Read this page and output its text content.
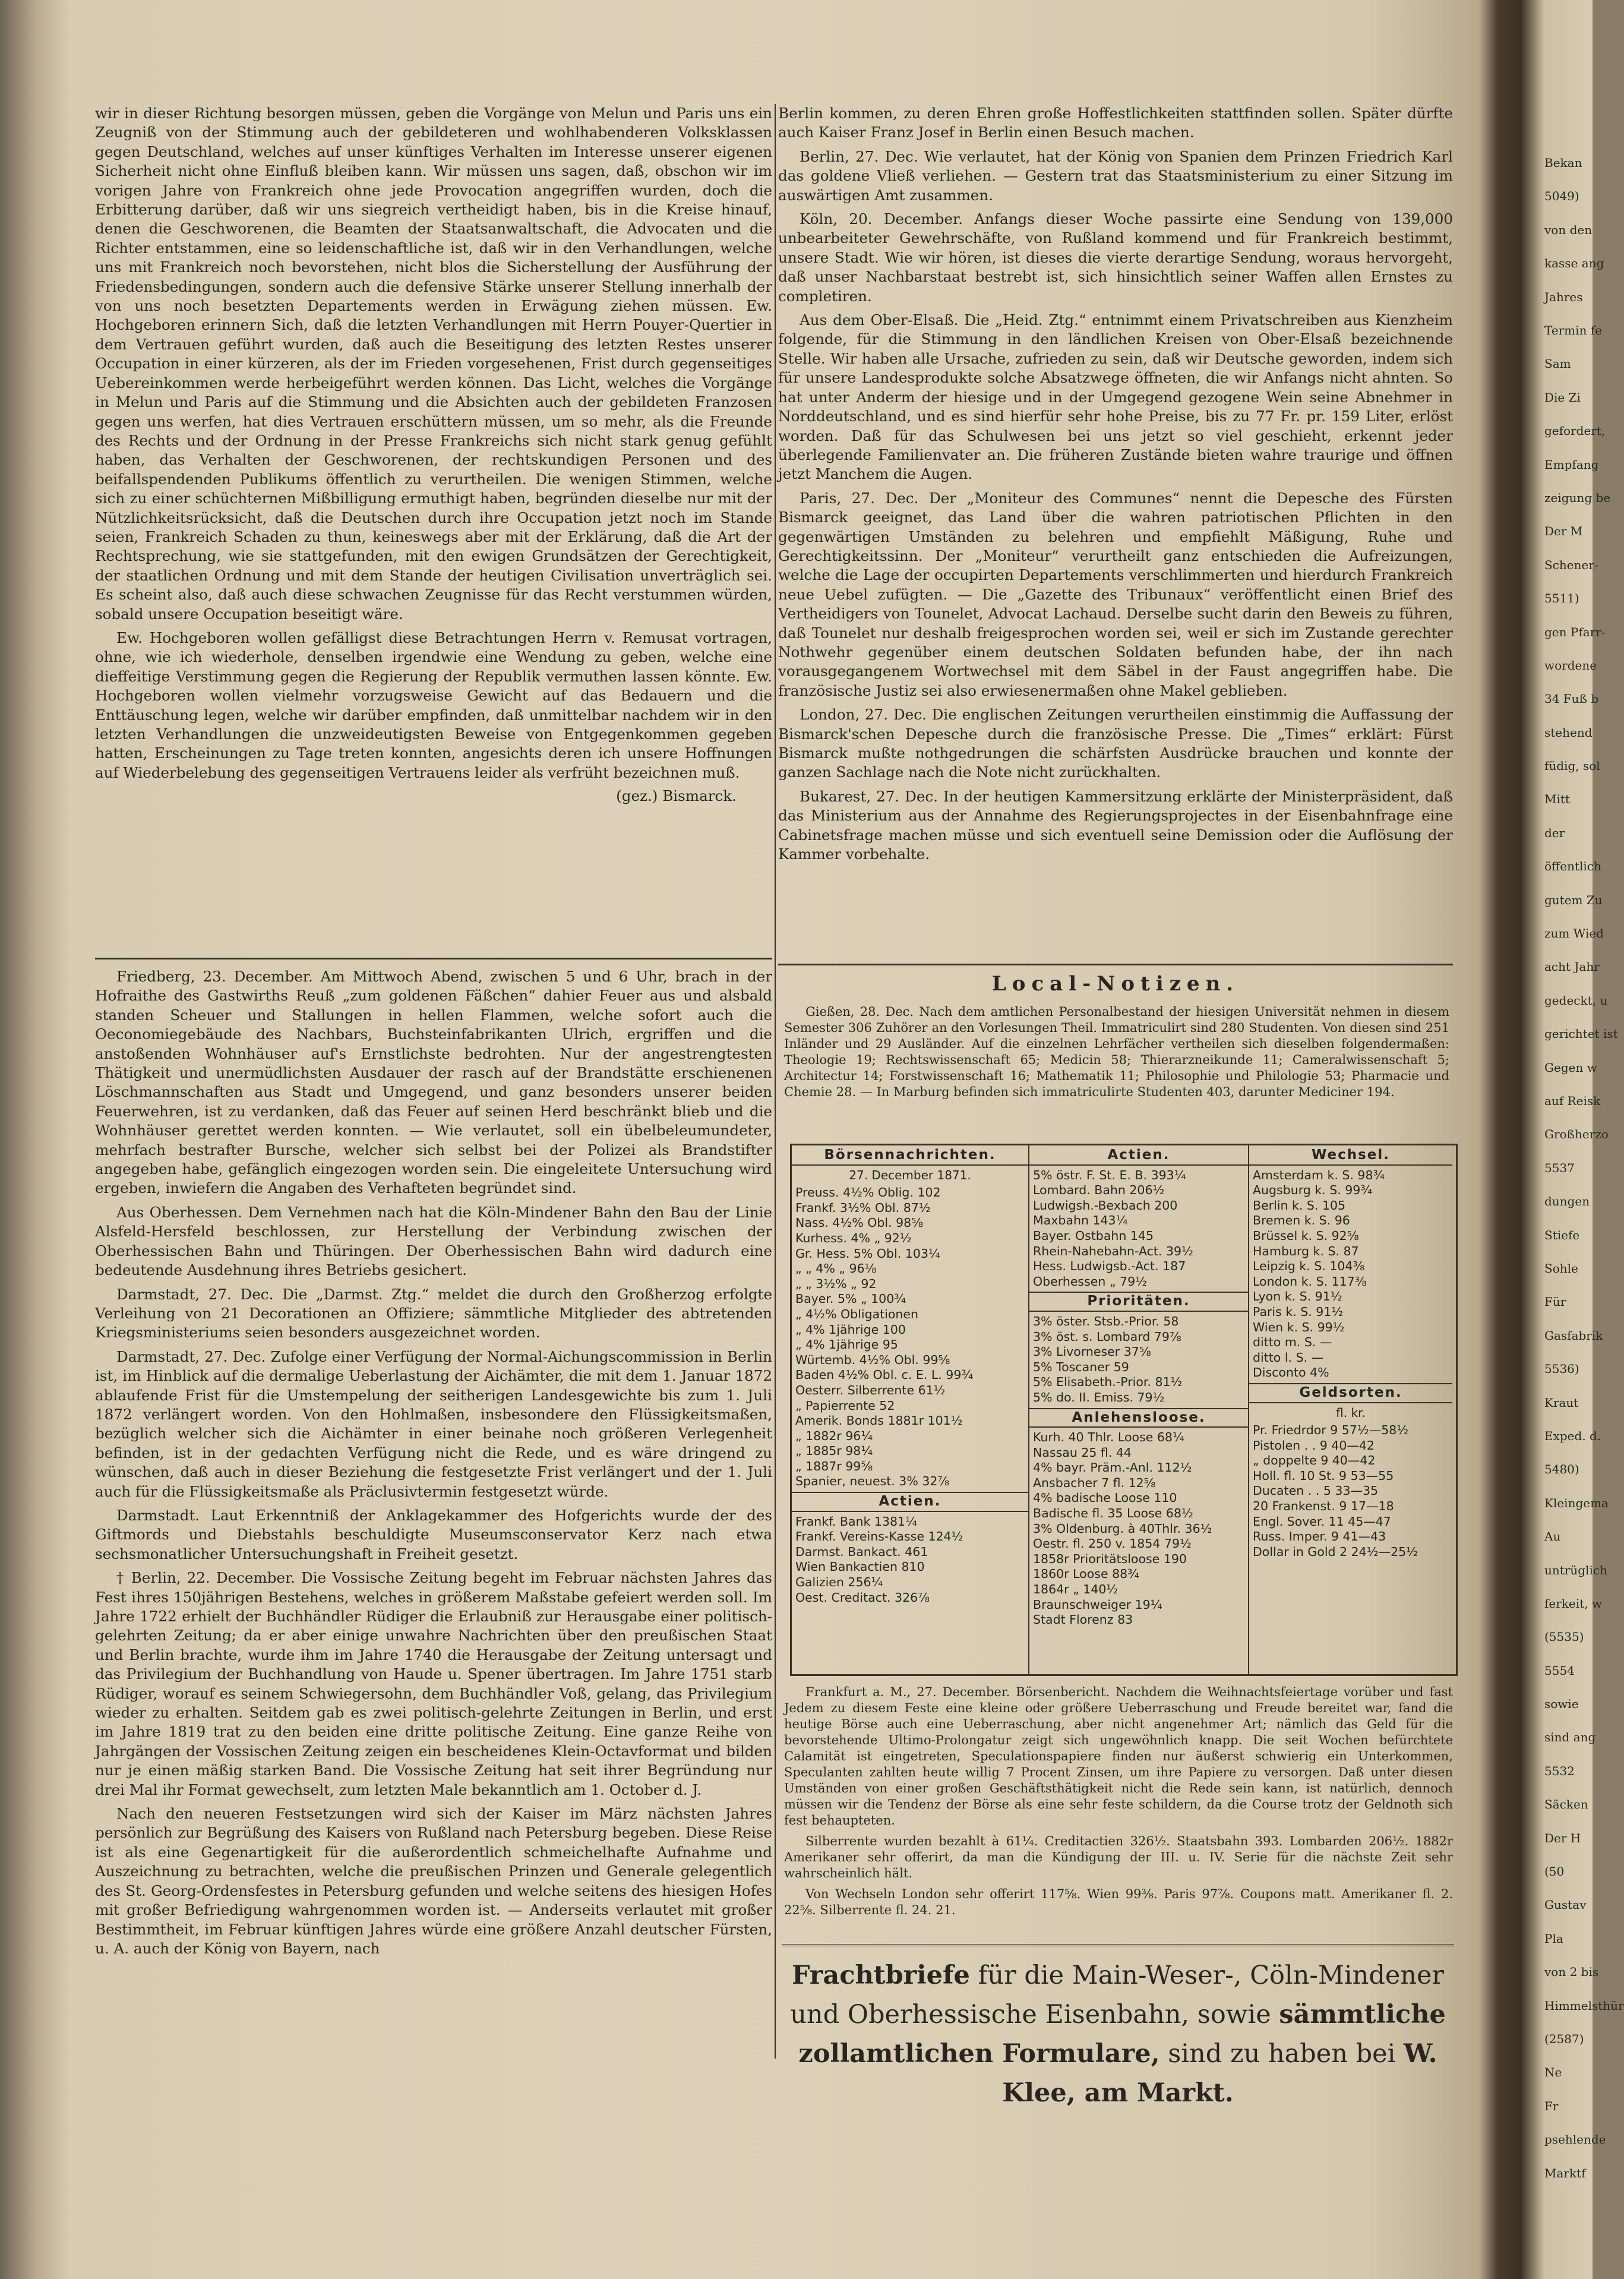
wir in dieser Richtung besorgen müssen, geben die Vorgänge von Melun und Paris uns ein Zeugniß von der Stimmung auch der gebildeteren und wohlhabenderen Volksklassen gegen Deutschland, welches auf unser künftiges Verhalten im Interesse unserer eigenen Sicherheit nicht ohne Einfluß bleiben kann. Wir müssen uns sagen, daß, obschon wir im vorigen Jahre von Frankreich ohne jede Provocation angegriffen wurden, doch die Erbitterung darüber, daß wir uns siegreich vertheidigt haben, bis in die Kreise hinauf, denen die Geschworenen, die Beamten der Staatsanwaltschaft, die Advocaten und die Richter entstammen, eine so leidenschaftliche ist, daß wir in den Verhandlungen, welche uns mit Frankreich noch bevorstehen, nicht blos die Sicherstellung der Ausführung der Friedensbedingungen, sondern auch die defensive Stärke unserer Stellung innerhalb der von uns noch besetzten Departements werden in Erwägung ziehen müssen. Ew. Hochgeboren erinnern Sich, daß die letzten Verhandlungen mit Herrn Pouyer-Quertier in dem Vertrauen geführt wurden, daß auch die Beseitigung des letzten Restes unserer Occupation in einer kürzeren, als der im Frieden vorgesehenen, Frist durch gegenseitiges Uebereinkommen werde herbeigeführt werden können. Das Licht, welches die Vorgänge in Melun und Paris auf die Stimmung und die Absichten auch der gebildeten Franzosen gegen uns werfen, hat dies Vertrauen erschüttern müssen, um so mehr, als die Freunde des Rechts und der Ordnung in der Presse Frankreichs sich nicht stark genug gefühlt haben, das Verhalten der Geschworenen, der rechtskundigen Personen und des beifallspendenden Publikums öffentlich zu verurtheilen. Die wenigen Stimmen, welche sich zu einer schüchternen Mißbilligung ermuthigt haben, begründen dieselbe nur mit der Nützlichkeitsrücksicht, daß die Deutschen durch ihre Occupation jetzt noch im Stande seien, Frankreich Schaden zu thun, keineswegs aber mit der Erklärung, daß die Art der Rechtsprechung, wie sie stattgefunden, mit den ewigen Grundsätzen der Gerechtigkeit, der staatlichen Ordnung und mit dem Stande der heutigen Civilisation unverträglich sei. Es scheint also, daß auch diese schwachen Zeugnisse für das Recht verstummen würden, sobald unsere Occupation beseitigt wäre.

Ew. Hochgeboren wollen gefälligst diese Betrachtungen Herrn v. Remusat vortragen, ohne, wie ich wiederhole, denselben irgendwie eine Wendung zu geben, welche eine dieffeitige Verstimmung gegen die Regierung der Republik vermuthen lassen könnte. Ew. Hochgeboren wollen vielmehr vorzugsweise Gewicht auf das Bedauern und die Enttäuschung legen, welche wir darüber empfinden, daß unmittelbar nachdem wir in den letzten Verhandlungen die unzweideutigsten Beweise von Entgegenkommen gegeben hatten, Erscheinungen zu Tage treten konnten, angesichts deren ich unsere Hoffnungen auf Wiederbelebung des gegenseitigen Vertrauens leider als verfrüht bezeichnen muß.

(gez.) Bismarck.

Friedberg, 23. December. Am Mittwoch Abend, zwischen 5 und 6 Uhr, brach in der Hofraithe des Gastwirths Reuß „zum goldenen Fäßchen“ dahier Feuer aus und alsbald standen Scheuer und Stallungen in hellen Flammen, welche sofort auch die Oeconomiegebäude des Nachbars, Buchsteinfabrikanten Ulrich, ergriffen und die anstoßenden Wohnhäuser auf's Ernstlichste bedrohten. Nur der angestrengtesten Thätigkeit und unermüdlichsten Ausdauer der rasch auf der Brandstätte erschienenen Löschmannschaften aus Stadt und Umgegend, und ganz besonders unserer beiden Feuerwehren, ist zu verdanken, daß das Feuer auf seinen Herd beschränkt blieb und die Wohnhäuser gerettet werden konnten. — Wie verlautet, soll ein übelbeleumundeter, mehrfach bestrafter Bursche, welcher sich selbst bei der Polizei als Brandstifter angegeben habe, gefänglich eingezogen worden sein. Die eingeleitete Untersuchung wird ergeben, inwiefern die Angaben des Verhafteten begründet sind.

Aus Oberhessen. Dem Vernehmen nach hat die Köln-Mindener Bahn den Bau der Linie Alsfeld-Hersfeld beschlossen, zur Herstellung der Verbindung zwischen der Oberhessischen Bahn und Thüringen. Der Oberhessischen Bahn wird dadurch eine bedeutende Ausdehnung ihres Betriebs gesichert.

Darmstadt, 27. Dec. Die „Darmst. Ztg.“ meldet die durch den Großherzog erfolgte Verleihung von 21 Decorationen an Offiziere; sämmtliche Mitglieder des abtretenden Kriegsministeriums seien besonders ausgezeichnet worden.

Darmstadt, 27. Dec. Zufolge einer Verfügung der Normal-Aichungscommission in Berlin ist, im Hinblick auf die dermalige Ueberlastung der Aichämter, die mit dem 1. Januar 1872 ablaufende Frist für die Umstempelung der seitherigen Landesgewichte bis zum 1. Juli 1872 verlängert worden. Von den Hohlmaßen, insbesondere den Flüssigkeitsmaßen, bezüglich welcher sich die Aichämter in einer beinahe noch größeren Verlegenheit befinden, ist in der gedachten Verfügung nicht die Rede, und es wäre dringend zu wünschen, daß auch in dieser Beziehung die festgesetzte Frist verlängert und der 1. Juli auch für die Flüssigkeitsmaße als Präclusivtermin festgesetzt würde.

Darmstadt. Laut Erkenntniß der Anklagekammer des Hofgerichts wurde der des Giftmords und Diebstahls beschuldigte Museumsconservator Kerz nach etwa sechsmonatlicher Untersuchungshaft in Freiheit gesetzt.

† Berlin, 22. December. Die Vossische Zeitung begeht im Februar nächsten Jahres das Fest ihres 150jährigen Bestehens, welches in größerem Maßstabe gefeiert werden soll. Im Jahre 1722 erhielt der Buchhändler Rüdiger die Erlaubniß zur Herausgabe einer politisch-gelehrten Zeitung; da er aber einige unwahre Nachrichten über den preußischen Staat und Berlin brachte, wurde ihm im Jahre 1740 die Herausgabe der Zeitung untersagt und das Privilegium der Buchhandlung von Haude u. Spener übertragen. Im Jahre 1751 starb Rüdiger, worauf es seinem Schwiegersohn, dem Buchhändler Voß, gelang, das Privilegium wieder zu erhalten. Seitdem gab es zwei politisch-gelehrte Zeitungen in Berlin, und erst im Jahre 1819 trat zu den beiden eine dritte politische Zeitung. Eine ganze Reihe von Jahrgängen der Vossischen Zeitung zeigen ein bescheidenes Klein-Octavformat und bilden nur je einen mäßig starken Band. Die Vossische Zeitung hat seit ihrer Begründung nur drei Mal ihr Format gewechselt, zum letzten Male bekanntlich am 1. October d. J.

Nach den neueren Festsetzungen wird sich der Kaiser im März nächsten Jahres persönlich zur Begrüßung des Kaisers von Rußland nach Petersburg begeben. Diese Reise ist als eine Gegenartigkeit für die außerordentlich schmeichelhafte Aufnahme und Auszeichnung zu betrachten, welche die preußischen Prinzen und Generale gelegentlich des St. Georg-Ordensfestes in Petersburg gefunden und welche seitens des hiesigen Hofes mit großer Befriedigung wahrgenommen worden ist. — Anderseits verlautet mit großer Bestimmtheit, im Februar künftigen Jahres würde eine größere Anzahl deutscher Fürsten, u. A. auch der König von Bayern, nach

Berlin kommen, zu deren Ehren große Hoffestlichkeiten stattfinden sollen. Später dürfte auch Kaiser Franz Josef in Berlin einen Besuch machen.

Berlin, 27. Dec. Wie verlautet, hat der König von Spanien dem Prinzen Friedrich Karl das goldene Vließ verliehen. — Gestern trat das Staatsministerium zu einer Sitzung im auswärtigen Amt zusammen.

Köln, 20. December. Anfangs dieser Woche passirte eine Sendung von 139,000 unbearbeiteter Gewehrschäfte, von Rußland kommend und für Frankreich bestimmt, unsere Stadt. Wie wir hören, ist dieses die vierte derartige Sendung, woraus hervorgeht, daß unser Nachbarstaat bestrebt ist, sich hinsichtlich seiner Waffen allen Ernstes zu completiren.

Aus dem Ober-Elsaß. Die „Heid. Ztg.“ entnimmt einem Privatschreiben aus Kienzheim folgende, für die Stimmung in den ländlichen Kreisen von Ober-Elsaß bezeichnende Stelle. Wir haben alle Ursache, zufrieden zu sein, daß wir Deutsche geworden, indem sich für unsere Landesprodukte solche Absatzwege öffneten, die wir Anfangs nicht ahnten. So hat unter Anderm der hiesige und in der Umgegend gezogene Wein seine Abnehmer in Norddeutschland, und es sind hierfür sehr hohe Preise, bis zu 77 Fr. pr. 159 Liter, erlöst worden. Daß für das Schulwesen bei uns jetzt so viel geschieht, erkennt jeder überlegende Familienvater an. Die früheren Zustände bieten wahre traurige und öffnen jetzt Manchem die Augen.

Paris, 27. Dec. Der „Moniteur des Communes“ nennt die Depesche des Fürsten Bismarck geeignet, das Land über die wahren patriotischen Pflichten in den gegenwärtigen Umständen zu belehren und empfiehlt Mäßigung, Ruhe und Gerechtigkeitssinn. Der „Moniteur“ verurtheilt ganz entschieden die Aufreizungen, welche die Lage der occupirten Departements verschlimmerten und hierdurch Frankreich neue Uebel zufügten. — Die „Gazette des Tribunaux“ veröffentlicht einen Brief des Vertheidigers von Tounelet, Advocat Lachaud. Derselbe sucht darin den Beweis zu führen, daß Tounelet nur deshalb freigesprochen worden sei, weil er sich im Zustande gerechter Nothwehr gegenüber einem deutschen Soldaten befunden habe, der ihn nach vorausgegangenem Wortwechsel mit dem Säbel in der Faust angegriffen habe. Die französische Justiz sei also erwiesenermaßen ohne Makel geblieben.

London, 27. Dec. Die englischen Zeitungen verurtheilen einstimmig die Auffassung der Bismarck'schen Depesche durch die französische Presse. Die „Times“ erklärt: Fürst Bismarck mußte nothgedrungen die schärfsten Ausdrücke brauchen und konnte der ganzen Sachlage nach die Note nicht zurückhalten.

Bukarest, 27. Dec. In der heutigen Kammersitzung erklärte der Ministerpräsident, daß das Ministerium aus der Annahme des Regierungsprojectes in der Eisenbahnfrage eine Cabinetsfrage machen müsse und sich eventuell seine Demission oder die Auflösung der Kammer vorbehalte.

Local-Notizen.

Gießen, 28. Dec. Nach dem amtlichen Personalbestand der hiesigen Universität nehmen in diesem Semester 306 Zuhörer an den Vorlesungen Theil. Immatriculirt sind 280 Studenten. Von diesen sind 251 Inländer und 29 Ausländer. Auf die einzelnen Lehrfächer vertheilen sich dieselben folgendermaßen: Theologie 19; Rechtswissenschaft 65; Medicin 58; Thierarzneikunde 11; Cameralwissenschaft 5; Architectur 14; Forstwissenschaft 16; Mathematik 11; Philosophie und Philologie 53; Pharmacie und Chemie 28. — In Marburg befinden sich immatriculirte Studenten 403, darunter Mediciner 194.

Börsennachrichten.
27. December 1871.
Preuss. 4½% Oblig. 102
Frankf. 3½% Obl. 87½
Nass. 4½% Obl. 98⅝
Kurhess. 4% „ 92½
Gr. Hess. 5% Obl. 103¼
„ „ 4% „ 96⅛
„ „ 3½% „ 92
Bayer. 5% „ 100¾
„ 4½% Obligationen
„ 4% 1jährige 100
„ 4% 1jährige 95
Würtemb. 4½% Obl. 99⅝
Baden 4½% Obl. c. E. L. 99¾
Oesterr. Silberrente 61½
„ Papierrente 52
Amerik. Bonds 1881r 101½
„ 1882r 96¼
„ 1885r 98¼
„ 1887r 99⅝
Spanier, neuest. 3% 32⅞
Actien.
Frankf. Bank 1381¼
Frankf. Vereins-Kasse 124½
Darmst. Bankact. 461
Wien Bankactien 810
Galizien 256¼
Oest. Creditact. 326⅞
Actien.
5% östr. F. St. E. B. 393¼
Lombard. Bahn 206½
Ludwigsh.-Bexbach 200
Maxbahn 143¼
Bayer. Ostbahn 145
Rhein-Nahebahn-Act. 39½
Hess. Ludwigsb.-Act. 187
Oberhessen „ 79½
Prioritäten.
3% öster. Stsb.-Prior. 58
3% öst. s. Lombard 79⅞
3% Livorneser 37⅝
5% Toscaner 59
5% Elisabeth.-Prior. 81½
5% do. II. Emiss. 79½
Anlehensloose.
Kurh. 40 Thlr. Loose 68¼
Nassau 25 fl. 44
4% bayr. Präm.-Anl. 112½
Ansbacher 7 fl. 12⅝
4% badische Loose 110
Badische fl. 35 Loose 68½
3% Oldenburg. à 40Thlr. 36½
Oestr. fl. 250 v. 1854 79½
1858r Prioritätsloose 190
1860r Loose 88¾
1864r „ 140½
Braunschweiger 19¼
Stadt Florenz 83
Wechsel.
Amsterdam k. S. 98¾
Augsburg k. S. 99¾
Berlin k. S. 105
Bremen k. S. 96
Brüssel k. S. 92⅝
Hamburg k. S. 87
Leipzig k. S. 104⅜
London k. S. 117⅜
Lyon k. S. 91½
Paris k. S. 91½
Wien k. S. 99½
ditto m. S. —
ditto l. S. —
Disconto 4%
Geldsorten.
fl. kr.
Pr. Friedrdor 9 57½—58½
Pistolen . . 9 40—42
„ doppelte 9 40—42
Holl. fl. 10 St. 9 53—55
Ducaten . . 5 33—35
20 Frankenst. 9 17—18
Engl. Sover. 11 45—47
Russ. Imper. 9 41—43
Dollar in Gold 2 24½—25½

Frankfurt a. M., 27. December. Börsenbericht. Nachdem die Weihnachtsfeiertage vorüber und fast Jedem zu diesem Feste eine kleine oder größere Ueberraschung und Freude bereitet war, fand die heutige Börse auch eine Ueberraschung, aber nicht angenehmer Art; nämlich das Geld für die bevorstehende Ultimo-Prolongatur zeigt sich ungewöhnlich knapp. Die seit Wochen befürchtete Calamität ist eingetreten, Speculationspapiere finden nur äußerst schwierig ein Unterkommen, Speculanten zahlten heute willig 7 Procent Zinsen, um ihre Papiere zu versorgen. Daß unter diesen Umständen von einer großen Geschäftsthätigkeit nicht die Rede sein kann, ist natürlich, dennoch müssen wir die Tendenz der Börse als eine sehr feste schildern, da die Course trotz der Geldnoth sich fest behaupteten.

Silberrente wurden bezahlt à 61¼. Creditactien 326½. Staatsbahn 393. Lombarden 206½. 1882r Amerikaner sehr offerirt, da man die Kündigung der III. u. IV. Serie für die nächste Zeit sehr wahrscheinlich hält.

Von Wechseln London sehr offerirt 117⅝. Wien 99⅜. Paris 97⅞. Coupons matt. Amerikaner fl. 2. 22⅝. Silberrente fl. 24. 21.

Frachtbriefe für die Main-Weser-, Cöln-Mindener und Oberhessische Eisenbahn, sowie sämmtliche zollamtlichen Formulare, sind zu haben bei W. Klee, am Markt.
Bekan
5049)
von den
kasse ang
Jahres
Termin fe
Sam
Die Zi
gefordert,
Empfang
zeigung be
Der M
Schener-
5511)
gen Pfarr-
wordene
34 Fuß b
stehend
füdig, sol
Mitt
der
öffentlich
gutem Zu
zum Wied
acht Jahr
gedeckt, u
gerichtet ist
Gegen w
auf Reisk
Großherzo
5537
dungen
Stiefe
Sohle
Für
Gasfabrik
5536)
Kraut
Exped. d.
5480)
Kleingema
Au
untrüglich
ferkeit, w
(5535)
5554
sowie
sind ang
5532
Säcken
Der H
(50
Gustav
Pla
von 2 bis
Himmelsthür
(2587)
Ne
Fr
psehlende
Marktf
